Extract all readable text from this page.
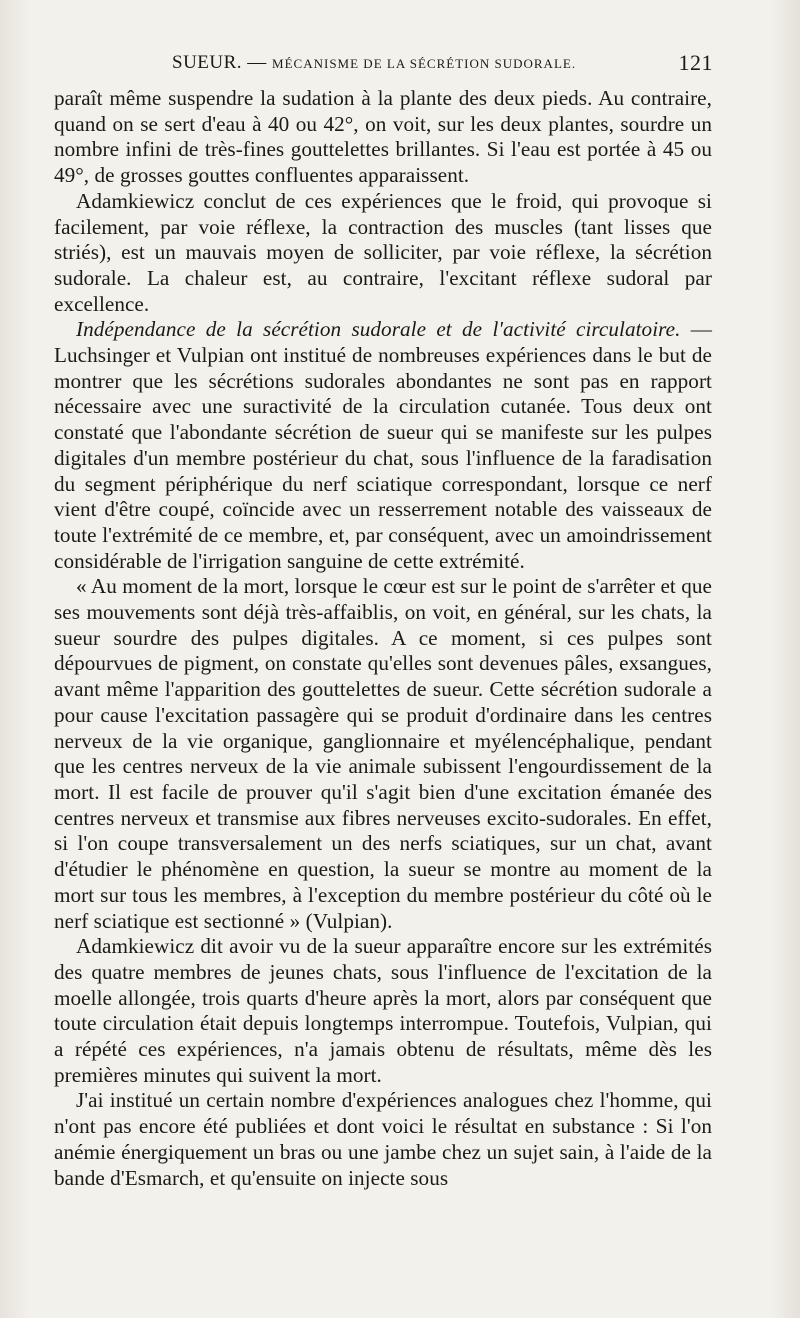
SUEUR. — MÉCANISME DE LA SÉCRÉTION SUDORALE.	121

paraît même suspendre la sudation à la plante des deux pieds. Au contraire, quand on se sert d'eau à 40 ou 42°, on voit, sur les deux plantes, sourdre un nombre infini de très-fines gouttelettes brillantes. Si l'eau est portée à 45 ou 49°, de grosses gouttes confluentes apparaissent.

Adamkiewicz conclut de ces expériences que le froid, qui provoque si facilement, par voie réflexe, la contraction des muscles (tant lisses que striés), est un mauvais moyen de solliciter, par voie réflexe, la sécrétion sudorale. La chaleur est, au contraire, l'excitant réflexe sudoral par excellence.

Indépendance de la sécrétion sudorale et de l'activité circulatoire. — Luchsinger et Vulpian ont institué de nombreuses expériences dans le but de montrer que les sécrétions sudorales abondantes ne sont pas en rapport nécessaire avec une suractivité de la circulation cutanée. Tous deux ont constaté que l'abondante sécrétion de sueur qui se manifeste sur les pulpes digitales d'un membre postérieur du chat, sous l'influence de la faradisation du segment périphérique du nerf sciatique correspondant, lorsque ce nerf vient d'être coupé, coïncide avec un resserrement notable des vaisseaux de toute l'extrémité de ce membre, et, par conséquent, avec un amoindrissement considérable de l'irrigation sanguine de cette extrémité.

« Au moment de la mort, lorsque le cœur est sur le point de s'arrêter et que ses mouvements sont déjà très-affaiblis, on voit, en général, sur les chats, la sueur sourdre des pulpes digitales. A ce moment, si ces pulpes sont dépourvues de pigment, on constate qu'elles sont devenues pâles, exsangues, avant même l'apparition des gouttelettes de sueur. Cette sécrétion sudorale a pour cause l'excitation passagère qui se produit d'ordinaire dans les centres nerveux de la vie organique, ganglionnaire et myélencéphalique, pendant que les centres nerveux de la vie animale subissent l'engourdissement de la mort. Il est facile de prouver qu'il s'agit bien d'une excitation émanée des centres nerveux et transmise aux fibres nerveuses excito-sudorales. En effet, si l'on coupe transversalement un des nerfs sciatiques, sur un chat, avant d'étudier le phénomène en question, la sueur se montre au moment de la mort sur tous les membres, à l'exception du membre postérieur du côté où le nerf sciatique est sectionné » (Vulpian).

Adamkiewicz dit avoir vu de la sueur apparaître encore sur les extrémités des quatre membres de jeunes chats, sous l'influence de l'excitation de la moelle allongée, trois quarts d'heure après la mort, alors par conséquent que toute circulation était depuis longtemps interrompue. Toutefois, Vulpian, qui a répété ces expériences, n'a jamais obtenu de résultats, même dès les premières minutes qui suivent la mort.

J'ai institué un certain nombre d'expériences analogues chez l'homme, qui n'ont pas encore été publiées et dont voici le résultat en substance : Si l'on anémie énergiquement un bras ou une jambe chez un sujet sain, à l'aide de la bande d'Esmarch, et qu'ensuite on injecte sous
